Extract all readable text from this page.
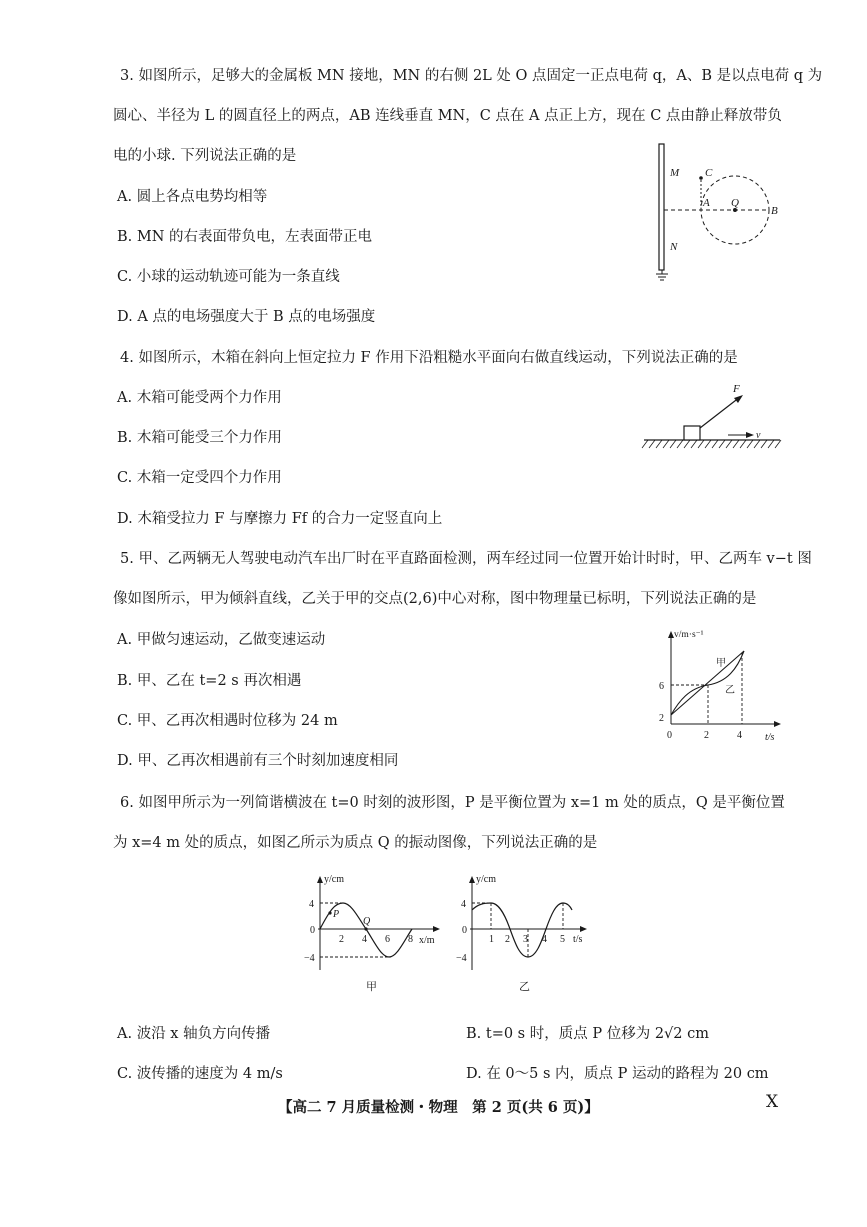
3. 如图所示，足够大的金属板 MN 接地，MN 的右侧 2L 处 O 点固定一正点电荷 q，A、B 是以点电荷 q 为
圆心、半径为 L 的圆直径上的两点，AB 连线垂直 MN，C 点在 A 点正上方，现在 C 点由静止释放带负
电的小球. 下列说法正确的是
A. 圆上各点电势均相等
B. MN 的右表面带负电，左表面带正电
C. 小球的运动轨迹可能为一条直线
D. A 点的电场强度大于 B 点的电场强度
M
N
C
A Q
B
4. 如图所示，木箱在斜向上恒定拉力 F 作用下沿粗糙水平面向右做直线运动，下列说法正确的是
A. 木箱可能受两个力作用
B. 木箱可能受三个力作用
C. 木箱一定受四个力作用
D. 木箱受拉力 F 与摩擦力 Ff 的合力一定竖直向上
F
v
5. 甲、乙两辆无人驾驶电动汽车出厂时在平直路面检测，两车经过同一位置开始计时时，甲、乙两车 v−t 图
像如图所示，甲为倾斜直线，乙关于甲的交点(2,6)中心对称，图中物理量已标明，下列说法正确的是
A. 甲做匀速运动，乙做变速运动
B. 甲、乙在 t=2 s 再次相遇
C. 甲、乙再次相遇时位移为 24 m
D. 甲、乙再次相遇前有三个时刻加速度相同
v/m·s⁻¹
t/s
6
2
0	2	4
甲
乙
6. 如图甲所示为一列简谐横波在 t=0 时刻的波形图，P 是平衡位置为 x=1 m 处的质点，Q 是平衡位置
为 x=4 m 处的质点，如图乙所示为质点 Q 的振动图像，下列说法正确的是
y/cm
x/m
4
0
−4
2 4 6 8
P
Q
甲
y/cm
t/s
4
0
−4
1 2 3 4 5
乙
A. 波沿 x 轴负方向传播	B. t=0 s 时，质点 P 位移为 2√2 cm
C. 波传播的速度为 4 m/s	D. 在 0～5 s 内，质点 P 运动的路程为 20 cm
【高二 7 月质量检测・物理　第 2 页(共 6 页)】	X
